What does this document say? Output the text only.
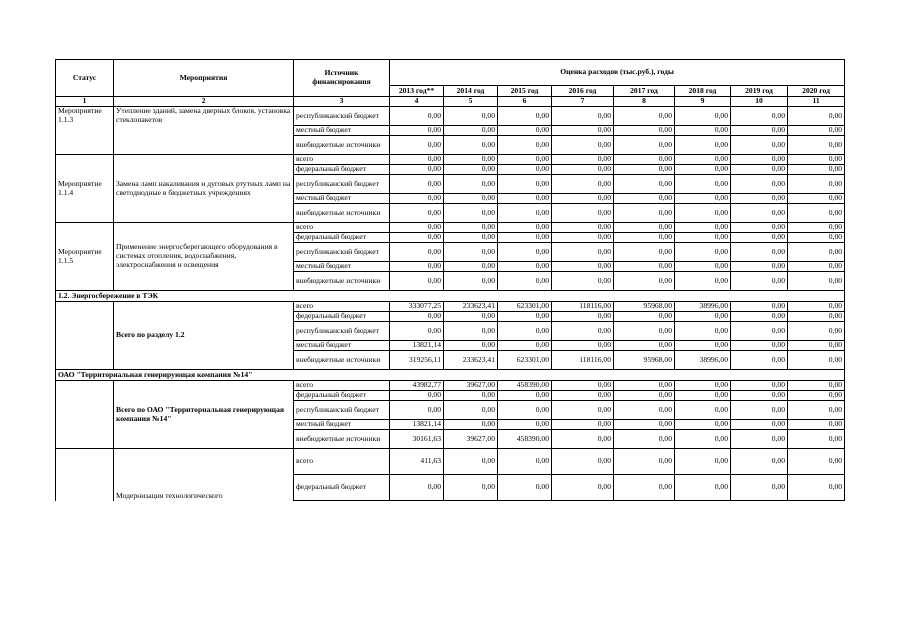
Статус	Мероприятия	Источник финансирования	Оценка расходов (тыс.руб.), годы							
			2013 год**	2014 год	2015 год	2016 год	2017 год	2018 год	2019 год	2020 год
1	2	3	4	5	6	7	8	9	10	11
Мероприятие 1.1.3	Утепление зданий, замена дверных блоков, установка стеклопакетов	республиканский бюджет	0,00	0,00	0,00	0,00	0,00	0,00	0,00	0,00
		местный бюджет	0,00	0,00	0,00	0,00	0,00	0,00	0,00	0,00
		внебюджетные источники	0,00	0,00	0,00	0,00	0,00	0,00	0,00	0,00
Мероприятие 1.1.4	Замена ламп накаливания и дуговых ртутных ламп на светодиодные в бюджетных учреждениях	всего	0,00	0,00	0,00	0,00	0,00	0,00	0,00	0,00
		федеральный бюджет	0,00	0,00	0,00	0,00	0,00	0,00	0,00	0,00
		республиканский бюджет	0,00	0,00	0,00	0,00	0,00	0,00	0,00	0,00
		местный бюджет	0,00	0,00	0,00	0,00	0,00	0,00	0,00	0,00
		внебюджетные источники	0,00	0,00	0,00	0,00	0,00	0,00	0,00	0,00
Мероприятие 1.1.5	Применение энергосберегающего оборудования в системах отопления, водоснабжения, электроснабжения и освещения	всего	0,00	0,00	0,00	0,00	0,00	0,00	0,00	0,00
		федеральный бюджет	0,00	0,00	0,00	0,00	0,00	0,00	0,00	0,00
		республиканский бюджет	0,00	0,00	0,00	0,00	0,00	0,00	0,00	0,00
		местный бюджет	0,00	0,00	0,00	0,00	0,00	0,00	0,00	0,00
		внебюджетные источники	0,00	0,00	0,00	0,00	0,00	0,00	0,00	0,00
1.2. Энергосбережение в ТЭК										
	Всего по разделу 1.2	всего	333077,25	233623,41	623301,00	118116,00	95968,00	38996,00	0,00	0,00
		федеральный бюджет	0,00	0,00	0,00	0,00	0,00	0,00	0,00	0,00
		республиканский бюджет	0,00	0,00	0,00	0,00	0,00	0,00	0,00	0,00
		местный бюджет	13821,14	0,00	0,00	0,00	0,00	0,00	0,00	0,00
		внебюджетные источники	319256,11	233623,41	623301,00	118116,00	95968,00	38996,00	0,00	0,00
ОАО "Территориальная генерирующая компания №14"										
	Всего по ОАО "Территориальная генерирующая компания №14"	всего	43982,77	39627,00	458390,00	0,00	0,00	0,00	0,00	0,00
		федеральный бюджет	0,00	0,00	0,00	0,00	0,00	0,00	0,00	0,00
		республиканский бюджет	0,00	0,00	0,00	0,00	0,00	0,00	0,00	0,00
		местный бюджет	13821,14	0,00	0,00	0,00	0,00	0,00	0,00	0,00
		внебюджетные источники	30161,63	39627,00	458390,00	0,00	0,00	0,00	0,00	0,00
	Модернизация технологического	всего	411,63	0,00	0,00	0,00	0,00	0,00	0,00	0,00
		федеральный бюджет	0,00	0,00	0,00	0,00	0,00	0,00	0,00	0,00
